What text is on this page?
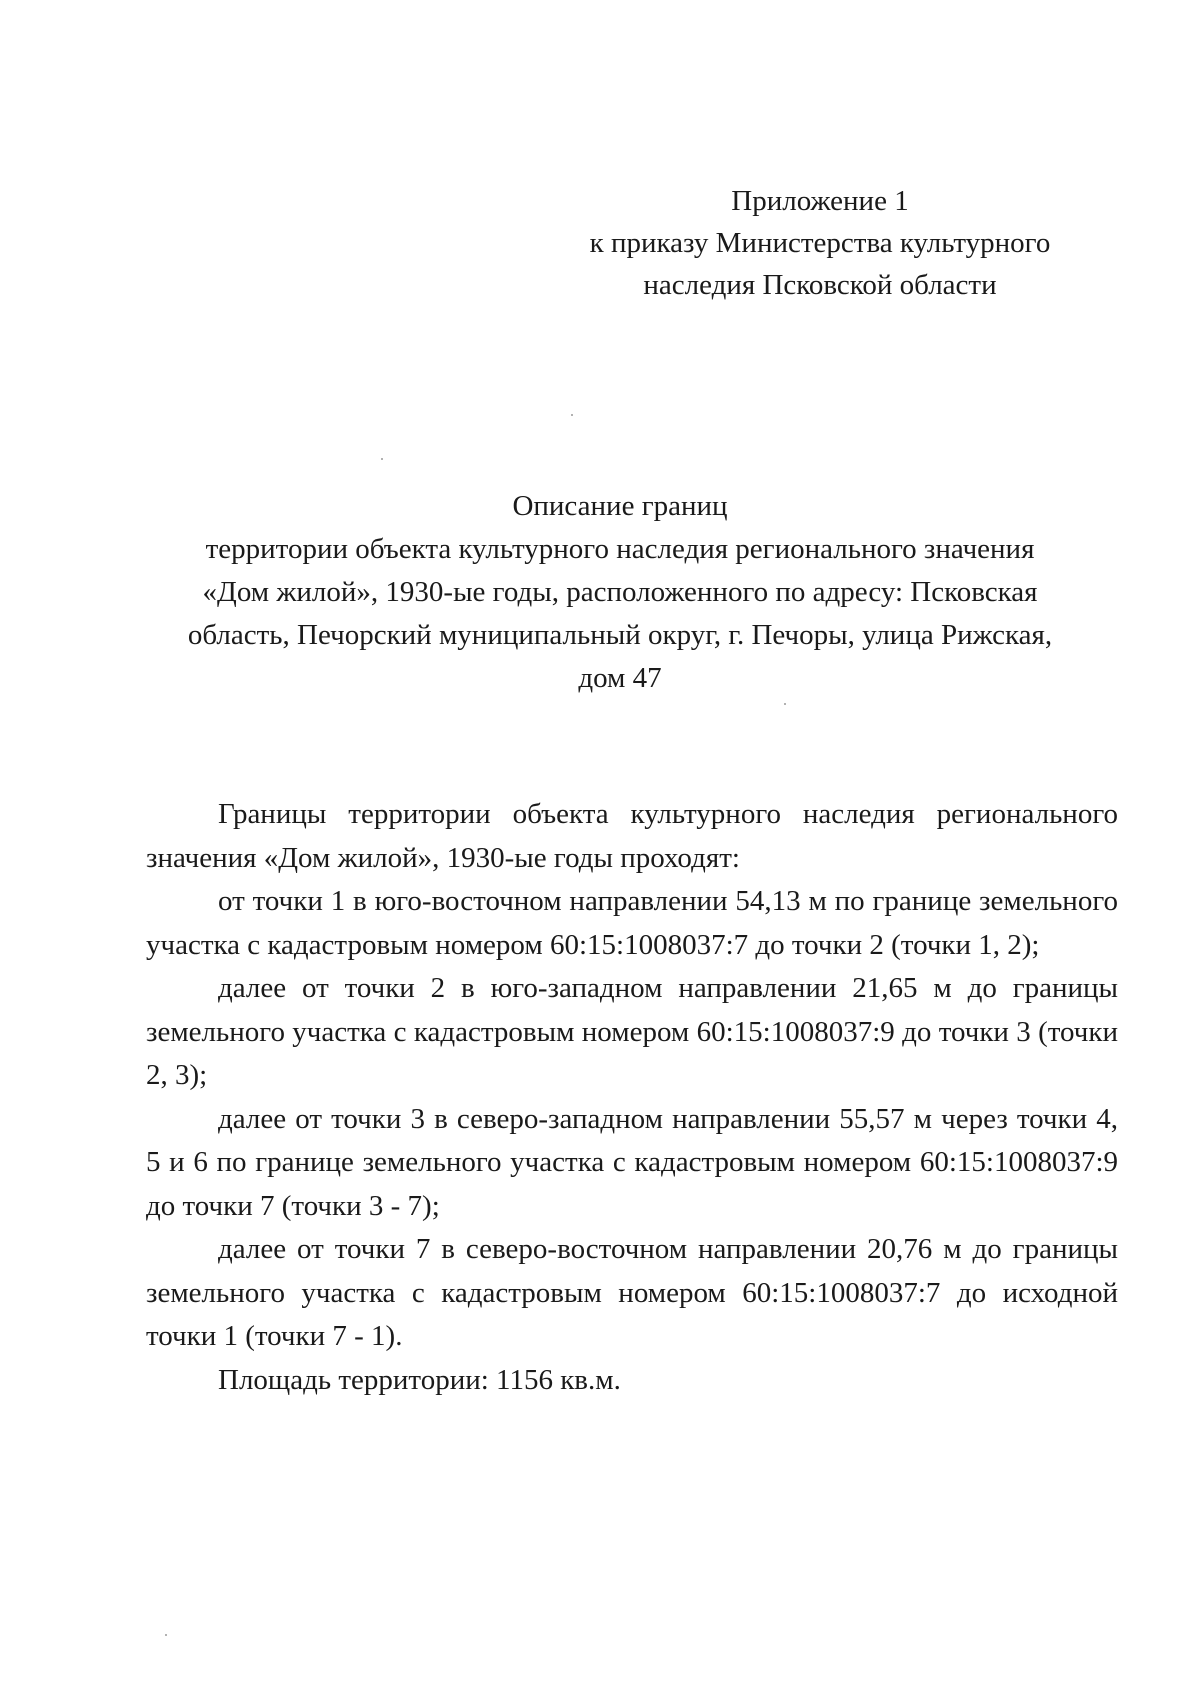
Приложение 1
к приказу Министерства культурного
наследия Псковской области
Описание границ
территории объекта культурного наследия регионального значения
«Дом жилой», 1930-ые годы, расположенного по адресу: Псковская
область, Печорский муниципальный округ, г. Печоры, улица Рижская,
дом 47

Границы территории объекта культурного наследия регионального значения «Дом жилой», 1930-ые годы проходят:

от точки 1 в юго-восточном направлении 54,13 м по границе земельного участка с кадастровым номером 60:15:1008037:7 до точки 2 (точки 1, 2);

далее от точки 2 в юго-западном направлении 21,65 м до границы земельного участка с кадастровым номером 60:15:1008037:9 до точки 3 (точки 2, 3);

далее от точки 3 в северо-западном направлении 55,57 м через точки 4, 5 и 6 по границе земельного участка с кадастровым номером 60:15:1008037:9 до точки 7 (точки 3 - 7);

далее от точки 7 в северо-восточном направлении 20,76 м до границы земельного участка с кадастровым номером 60:15:1008037:7 до исходной точки 1 (точки 7 - 1).

Площадь территории: 1156 кв.м.
